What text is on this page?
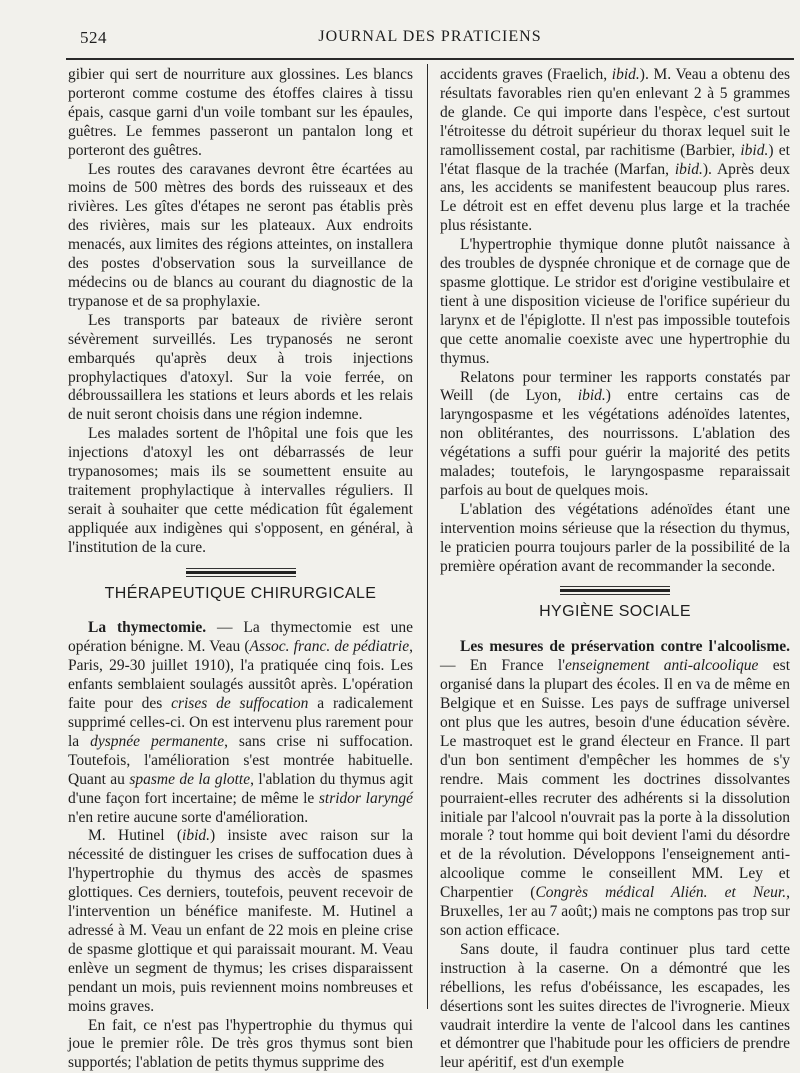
524	JOURNAL DES PRATICIENS

gibier qui sert de nourriture aux glossines. Les blancs porteront comme costume des étoffes claires à tissu épais, casque garni d'un voile tombant sur les épaules, guêtres. Le femmes passeront un pantalon long et porteront des guêtres.

Les routes des caravanes devront être écartées au moins de 500 mètres des bords des ruisseaux et des rivières. Les gîtes d'étapes ne seront pas établis près des rivières, mais sur les plateaux. Aux endroits menacés, aux limites des régions atteintes, on installera des postes d'observation sous la surveillance de médecins ou de blancs au courant du diagnostic de la trypanose et de sa prophylaxie.

Les transports par bateaux de rivière seront sévèrement surveillés. Les trypanosés ne seront embarqués qu'après deux à trois injections prophylactiques d'atoxyl. Sur la voie ferrée, on débroussaillera les stations et leurs abords et les relais de nuit seront choisis dans une région indemne.

Les malades sortent de l'hôpital une fois que les injections d'atoxyl les ont débarrassés de leur trypanosomes; mais ils se soumettent ensuite au traitement prophylactique à intervalles réguliers. Il serait à souhaiter que cette médication fût également appliquée aux indigènes qui s'opposent, en général, à l'institution de la cure.

THÉRAPEUTIQUE CHIRURGICALE

La thymectomie. — La thymectomie est une opération bénigne. M. Veau (Assoc. franc. de pédiatrie, Paris, 29-30 juillet 1910), l'a pratiquée cinq fois. Les enfants semblaient soulagés aussitôt après. L'opération faite pour des crises de suffocation a radicalement supprimé celles-ci. On est intervenu plus rarement pour la dyspnée permanente, sans crise ni suffocation. Toutefois, l'amélioration s'est montrée habituelle. Quant au spasme de la glotte, l'ablation du thymus agit d'une façon fort incertaine; de même le stridor laryngé n'en retire aucune sorte d'amélioration.

M. Hutinel (ibid.) insiste avec raison sur la nécessité de distinguer les crises de suffocation dues à l'hypertrophie du thymus des accès de spasmes glottiques. Ces derniers, toutefois, peuvent recevoir de l'intervention un bénéfice manifeste. M. Hutinel a adressé à M. Veau un enfant de 22 mois en pleine crise de spasme glottique et qui paraissait mourant. M. Veau enlève un segment de thymus; les crises disparaissent pendant un mois, puis reviennent moins nombreuses et moins graves.

En fait, ce n'est pas l'hypertrophie du thymus qui joue le premier rôle. De très gros thymus sont bien supportés; l'ablation de petits thymus supprime des

accidents graves (Fraelich, ibid.). M. Veau a obtenu des résultats favorables rien qu'en enlevant 2 à 5 grammes de glande. Ce qui importe dans l'espèce, c'est surtout l'étroitesse du détroit supérieur du thorax lequel suit le ramollissement costal, par rachitisme (Barbier, ibid.) et l'état flasque de la trachée (Marfan, ibid.). Après deux ans, les accidents se manifestent beaucoup plus rares. Le détroit est en effet devenu plus large et la trachée plus résistante.

L'hypertrophie thymique donne plutôt naissance à des troubles de dyspnée chronique et de cornage que de spasme glottique. Le stridor est d'origine vestibulaire et tient à une disposition vicieuse de l'orifice supérieur du larynx et de l'épiglotte. Il n'est pas impossible toutefois que cette anomalie coexiste avec une hypertrophie du thymus.

Relatons pour terminer les rapports constatés par Weill (de Lyon, ibid.) entre certains cas de laryngospasme et les végétations adénoïdes latentes, non oblitérantes, des nourrissons. L'ablation des végétations a suffi pour guérir la majorité des petits malades; toutefois, le laryngospasme reparaissait parfois au bout de quelques mois.

L'ablation des végétations adénoïdes étant une intervention moins sérieuse que la résection du thymus, le praticien pourra toujours parler de la possibilité de la première opération avant de recommander la seconde.

HYGIÈNE SOCIALE

Les mesures de préservation contre l'alcoolisme. — En France l'enseignement anti-alcoolique est organisé dans la plupart des écoles. Il en va de même en Belgique et en Suisse. Les pays de suffrage universel ont plus que les autres, besoin d'une éducation sévère. Le mastroquet est le grand électeur en France. Il part d'un bon sentiment d'empêcher les hommes de s'y rendre. Mais comment les doctrines dissolvantes pourraient-elles recruter des adhérents si la dissolution initiale par l'alcool n'ouvrait pas la porte à la dissolution morale ? tout homme qui boit devient l'ami du désordre et de la révolution. Développons l'enseignement anti-alcoolique comme le conseillent MM. Ley et Charpentier (Congrès médical Alién. et Neur., Bruxelles, 1er au 7 août;) mais ne comptons pas trop sur son action efficace.

Sans doute, il faudra continuer plus tard cette instruction à la caserne. On a démontré que les rébellions, les refus d'obéissance, les escapades, les désertions sont les suites directes de l'ivrognerie. Mieux vaudrait interdire la vente de l'alcool dans les cantines et démontrer que l'habitude pour les officiers de prendre leur apéritif, est d'un exemple
